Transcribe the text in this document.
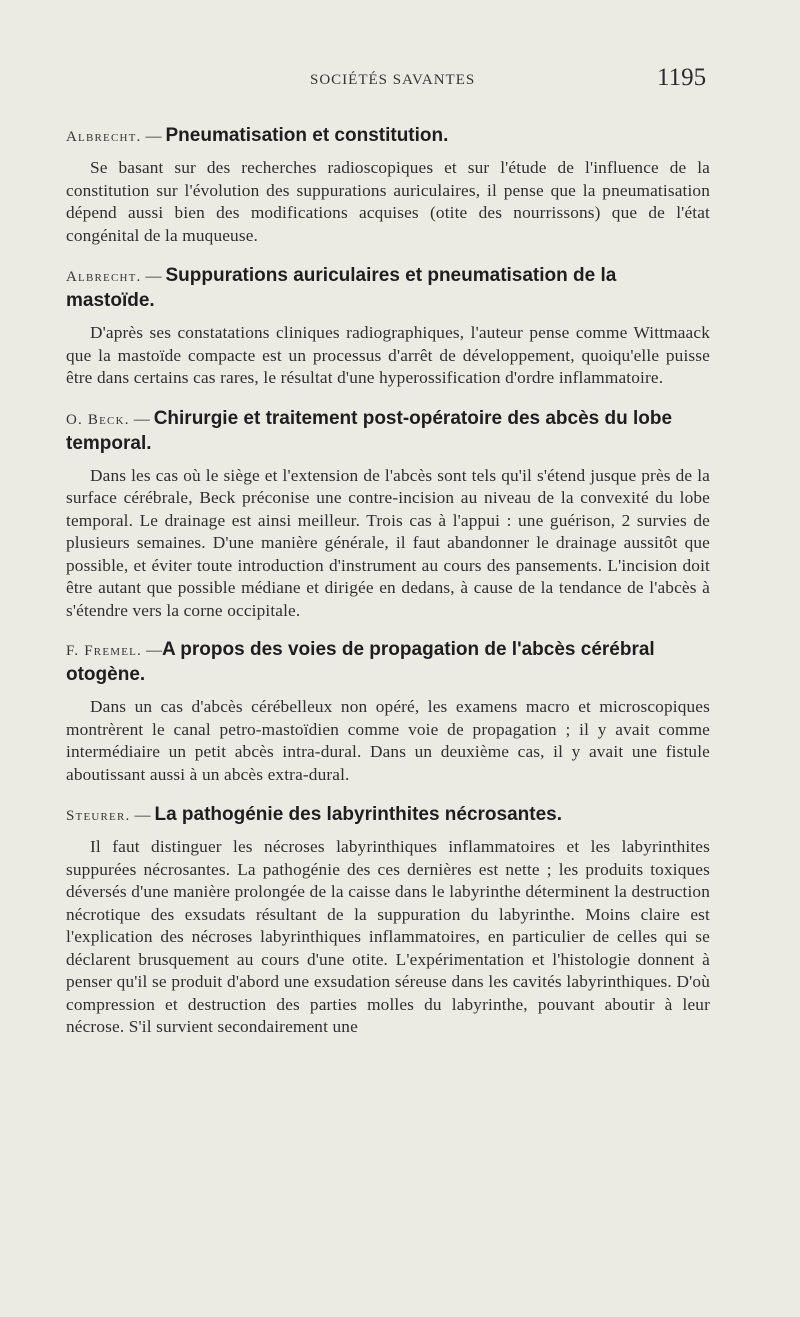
SOCIÉTÉS SAVANTES	1195

Albrecht. — Pneumatisation et constitution.

Se basant sur des recherches radioscopiques et sur l'étude de l'influence de la constitution sur l'évolution des suppurations auriculaires, il pense que la pneumatisation dépend aussi bien des modifications acquises (otite des nourrissons) que de l'état congénital de la muqueuse.

Albrecht. — Suppurations auriculaires et pneumatisation de la mastoïde.

D'après ses constatations cliniques radiographiques, l'auteur pense comme Wittmaack que la mastoïde compacte est un processus d'arrêt de développement, quoiqu'elle puisse être dans certains cas rares, le résultat d'une hyperossification d'ordre inflammatoire.

O. Beck. — Chirurgie et traitement post-opératoire des abcès du lobe temporal.

Dans les cas où le siège et l'extension de l'abcès sont tels qu'il s'étend jusque près de la surface cérébrale, Beck préconise une contre-incision au niveau de la convexité du lobe temporal. Le drainage est ainsi meilleur. Trois cas à l'appui : une guérison, 2 survies de plusieurs semaines. D'une manière générale, il faut abandonner le drainage aussitôt que possible, et éviter toute introduction d'instrument au cours des pansements. L'incision doit être autant que possible médiane et dirigée en dedans, à cause de la tendance de l'abcès à s'étendre vers la corne occipitale.

F. Fremel. —A propos des voies de propagation de l'abcès cérébral otogène.

Dans un cas d'abcès cérébelleux non opéré, les examens macro et microscopiques montrèrent le canal petro-mastoïdien comme voie de propagation ; il y avait comme intermédiaire un petit abcès intra-dural. Dans un deuxième cas, il y avait une fistule aboutissant aussi à un abcès extra-dural.

Steurer. — La pathogénie des labyrinthites nécrosantes.

Il faut distinguer les nécroses labyrinthiques inflammatoires et les labyrinthites suppurées nécrosantes. La pathogénie des ces dernières est nette ; les produits toxiques déversés d'une manière prolongée de la caisse dans le labyrinthe déterminent la destruction nécrotique des exsudats résultant de la suppuration du labyrinthe. Moins claire est l'explication des nécroses labyrinthiques inflammatoires, en particulier de celles qui se déclarent brusquement au cours d'une otite. L'expérimentation et l'histologie donnent à penser qu'il se produit d'abord une exsudation séreuse dans les cavités labyrinthiques. D'où compression et destruction des parties molles du labyrinthe, pouvant aboutir à leur nécrose. S'il survient secondairement une
